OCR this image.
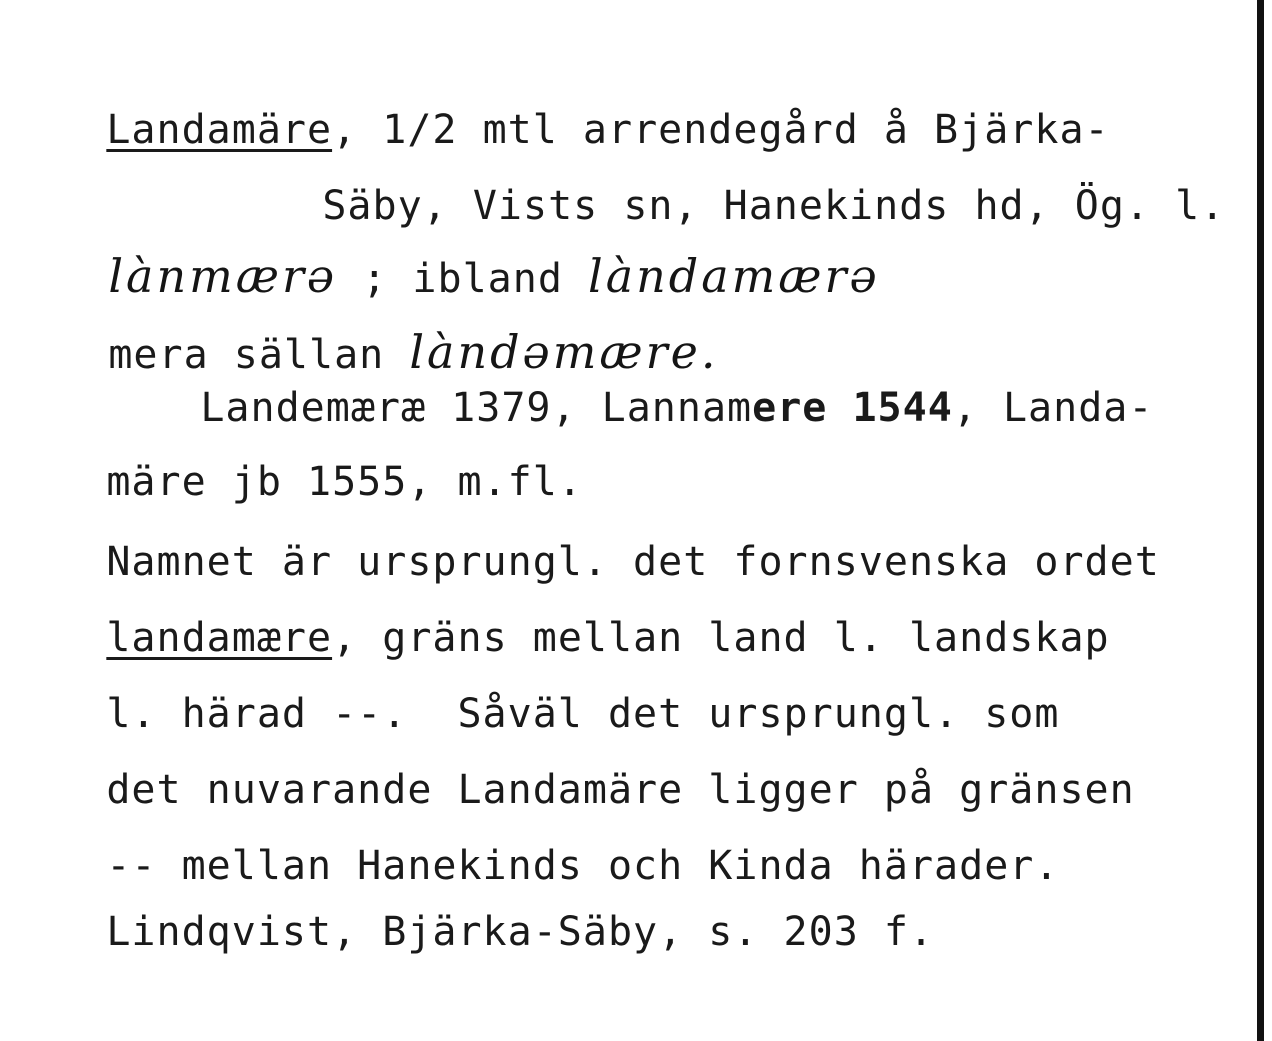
Landamäre, 1/2 mtl arrendegård å Bjärka-

Säby, Vists sn, Hanekinds hd, Ög. l.

lànmærə ; ibland làndamærə

mera sällan làndəmære.

Landemæræ 1379, Lannamere 1544, Landa-

märe jb 1555, m.fl.

Namnet är ursprungl. det fornsvenska ordet

landamære, gräns mellan land l. landskap

l. härad --.  Såväl det ursprungl. som

det nuvarande Landamäre ligger på gränsen

-- mellan Hanekinds och Kinda härader.

Lindqvist, Bjärka-Säby, s. 203 f.
